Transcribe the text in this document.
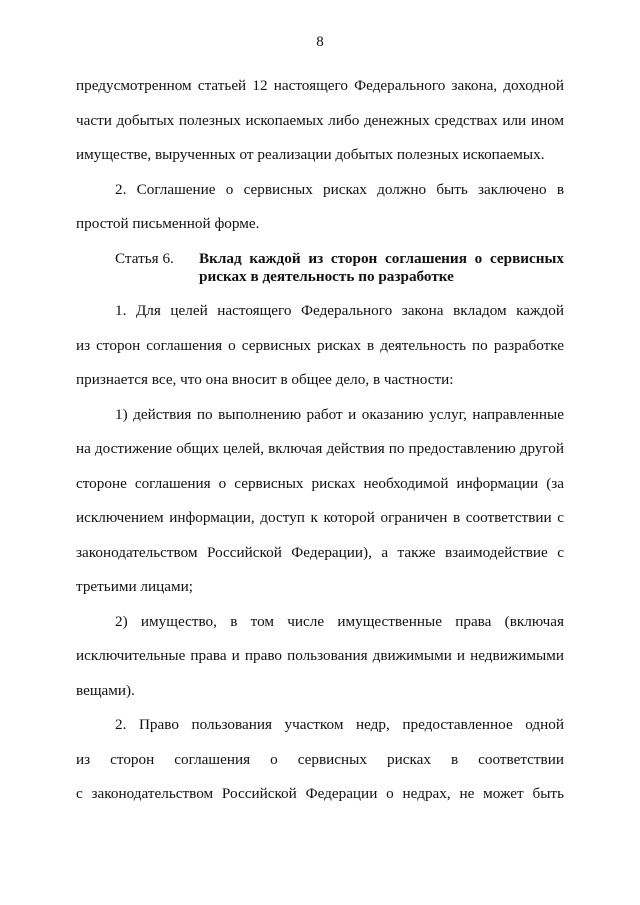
8
предусмотренном статьей 12 настоящего Федерального закона, доходной
части добытых полезных ископаемых либо денежных средствах или ином
имуществе, вырученных от реализации добытых полезных ископаемых.
2. Соглашение о сервисных рисках должно быть заключено в
простой письменной форме.
Статья 6. Вклад каждой из сторон соглашения о сервисных
рисках в деятельность по разработке
1. Для целей настоящего Федерального закона вкладом каждой
из сторон соглашения о сервисных рисках в деятельность по разработке
признается все, что она вносит в общее дело, в частности:
1) действия по выполнению работ и оказанию услуг, направленные
на достижение общих целей, включая действия по предоставлению другой
стороне соглашения о сервисных рисках необходимой информации (за
исключением информации, доступ к которой ограничен в соответствии с
законодательством Российской Федерации), а также взаимодействие с
третьими лицами;
2) имущество, в том числе имущественные права (включая
исключительные права и право пользования движимыми и недвижимыми
вещами).
2. Право пользования участком недр, предоставленное одной
из сторон соглашения о сервисных рисках в соответствии
с законодательством Российской Федерации о недрах, не может быть
